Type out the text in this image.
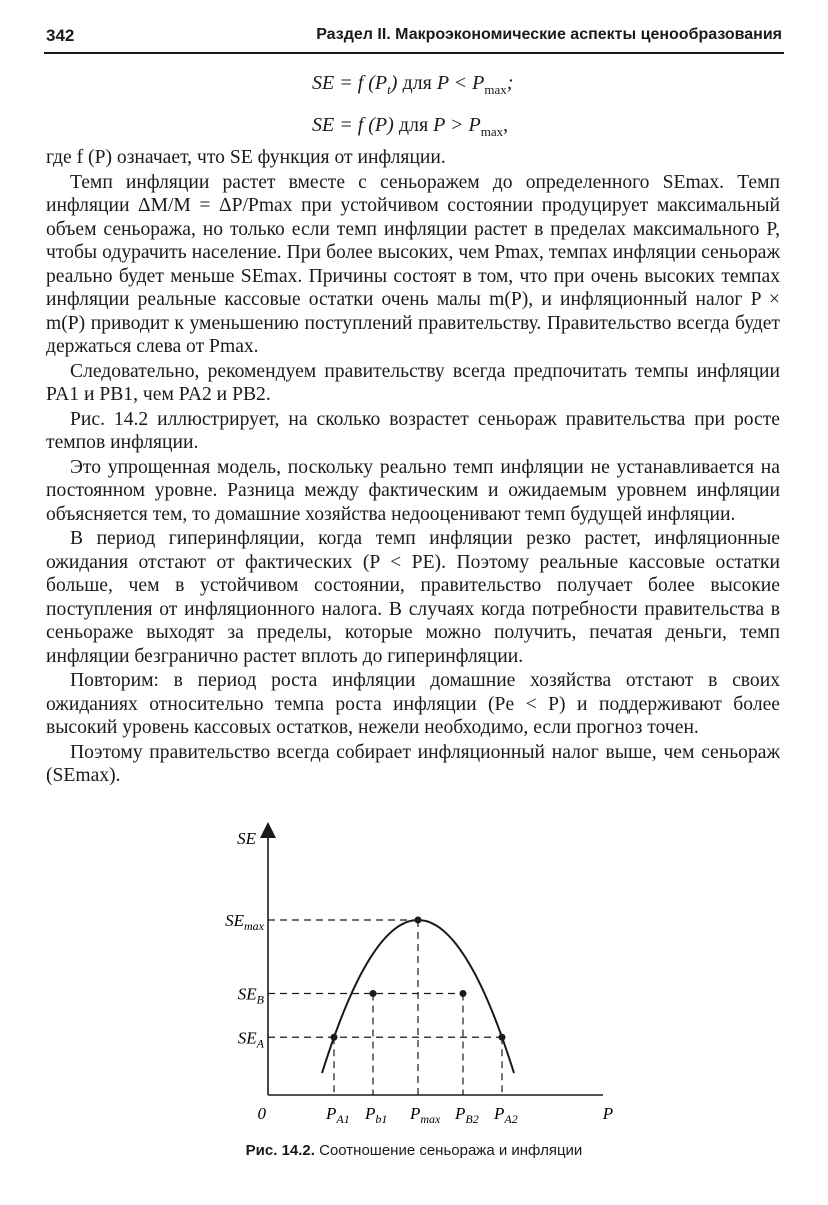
342	Раздел II. Макроэкономические аспекты ценообразования
SE = f $(P_t)$ для $P < P_{max}$;
SE = f (P) для $P > P_{max}$,

где f (P) означает, что SE функция от инфляции.

Темп инфляции растет вместе с сеньоражем до определенного SEmax. Темп инфляции ΔM/M = ΔP/Pmax при устойчивом состоянии продуцирует максимальный объем сеньоража, но только если темп инфляции растет в пределах максимального P, чтобы одурачить население. При более высоких, чем Pmax, темпах инфляции сеньораж реально будет меньше SEmax. Причины состоят в том, что при очень высоких темпах инфляции реальные кассовые остатки очень малы m(P), и инфляционный налог P × m(P) приводит к уменьшению поступлений правительству. Правительство всегда будет держаться слева от Pmax.

Следовательно, рекомендуем правительству всегда предпочитать темпы инфляции PA1 и PB1, чем PA2 и PB2.

Рис. 14.2 иллюстрирует, на сколько возрастет сеньораж правительства при росте темпов инфляции.

Это упрощенная модель, поскольку реально темп инфляции не устанавливается на постоянном уровне. Разница между фактическим и ожидаемым уровнем инфляции объясняется тем, то домашние хозяйства недооценивают темп будущей инфляции.

В период гиперинфляции, когда темп инфляции резко растет, инфляционные ожидания отстают от фактических (P < PE). Поэтому реальные кассовые остатки больше, чем в устойчивом состоянии, правительство получает более высокие поступления от инфляционного налога. В случаях когда потребности правительства в сеньораже выходят за пределы, которые можно получить, печатая деньги, темп инфляции безгранично растет вплоть до гиперинфляции.

Повторим: в период роста инфляции домашние хозяйства отстают в своих ожиданиях относительно темпа роста инфляции (Pe < P) и поддерживают более высокий уровень кассовых остатков, нежели необходимо, если прогноз точен.

Поэтому правительство всегда собирает инфляционный налог выше, чем сеньораж (SEmax).

SE
P
0
$SE_{max}$
$SE_B$
$SE_A$
$P_{A1}$ $P_{b1}$ $P_{max}$ $P_{B2}$ $P_{A2}$
Рис. 14.2. Соотношение сеньоража и инфляции
